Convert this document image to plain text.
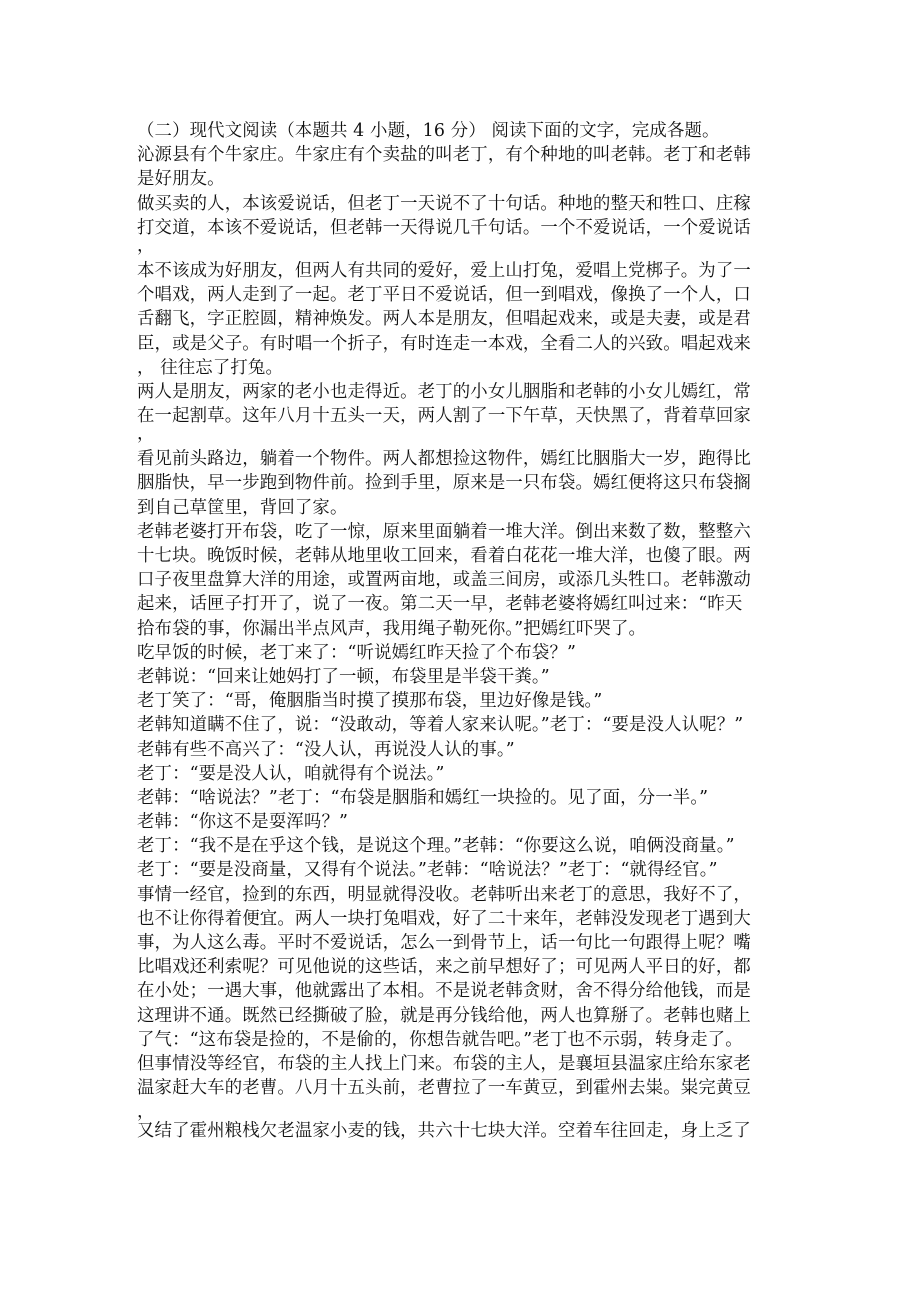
（二）现代文阅读（本题共 4 小题，16 分） 阅读下面的文字，完成各题。
沁源县有个牛家庄。牛家庄有个卖盐的叫老丁，有个种地的叫老韩。老丁和老韩
是好朋友。
做买卖的人，本该爱说话，但老丁一天说不了十句话。种地的整天和牲口、庄稼
打交道，本该不爱说话，但老韩一天得说几千句话。一个不爱说话，一个爱说话
，
本不该成为好朋友，但两人有共同的爱好，爱上山打兔，爱唱上党梆子。为了一
个唱戏，两人走到了一起。老丁平日不爱说话，但一到唱戏，像换了一个人，口
舌翻飞，字正腔圆，精神焕发。两人本是朋友，但唱起戏来，或是夫妻，或是君
臣，或是父子。有时唱一个折子，有时连走一本戏，全看二人的兴致。唱起戏来
， 往往忘了打兔。
两人是朋友，两家的老小也走得近。老丁的小女儿胭脂和老韩的小女儿嫣红，常
在一起割草。这年八月十五头一天，两人割了一下午草，天快黑了，背着草回家
，
看见前头路边，躺着一个物件。两人都想捡这物件，嫣红比胭脂大一岁，跑得比
胭脂快，早一步跑到物件前。捡到手里，原来是一只布袋。嫣红便将这只布袋搁
到自己草筐里，背回了家。
老韩老婆打开布袋，吃了一惊，原来里面躺着一堆大洋。倒出来数了数，整整六
十七块。晚饭时候，老韩从地里收工回来，看着白花花一堆大洋，也傻了眼。两
口子夜里盘算大洋的用途，或置两亩地，或盖三间房，或添几头牲口。老韩激动
起来，话匣子打开了，说了一夜。第二天一早，老韩老婆将嫣红叫过来：“昨天
拾布袋的事，你漏出半点风声，我用绳子勒死你。”把嫣红吓哭了。
吃早饭的时候，老丁来了：“听说嫣红昨天捡了个布袋？”
老韩说：“回来让她妈打了一顿，布袋里是半袋干粪。”
老丁笑了：“哥，俺胭脂当时摸了摸那布袋，里边好像是钱。”
老韩知道瞒不住了，说：“没敢动，等着人家来认呢。”老丁：“要是没人认呢？”
老韩有些不高兴了：“没人认，再说没人认的事。”
老丁：“要是没人认，咱就得有个说法。”
老韩：“啥说法？”老丁：“布袋是胭脂和嫣红一块捡的。见了面，分一半。”
老韩：“你这不是耍浑吗？”
老丁：“我不是在乎这个钱，是说这个理。”老韩：“你要这么说，咱俩没商量。”
老丁：“要是没商量，又得有个说法。”老韩：“啥说法？”老丁：“就得经官。”
事情一经官，捡到的东西，明显就得没收。老韩听出来老丁的意思，我好不了，
也不让你得着便宜。两人一块打兔唱戏，好了二十来年，老韩没发现老丁遇到大
事，为人这么毒。平时不爱说话，怎么一到骨节上，话一句比一句跟得上呢？嘴
比唱戏还利索呢？可见他说的这些话，来之前早想好了；可见两人平日的好，都
在小处；一遇大事，他就露出了本相。不是说老韩贪财，舍不得分给他钱，而是
这理讲不通。既然已经撕破了脸，就是再分钱给他，两人也算掰了。老韩也赌上
了气：“这布袋是捡的，不是偷的，你想告就告吧。”老丁也不示弱，转身走了。
但事情没等经官，布袋的主人找上门来。布袋的主人，是襄垣县温家庄给东家老
温家赶大车的老曹。八月十五头前，老曹拉了一车黄豆，到霍州去粜。粜完黄豆
，
又结了霍州粮栈欠老温家小麦的钱，共六十七块大洋。空着车往回走，身上乏了
